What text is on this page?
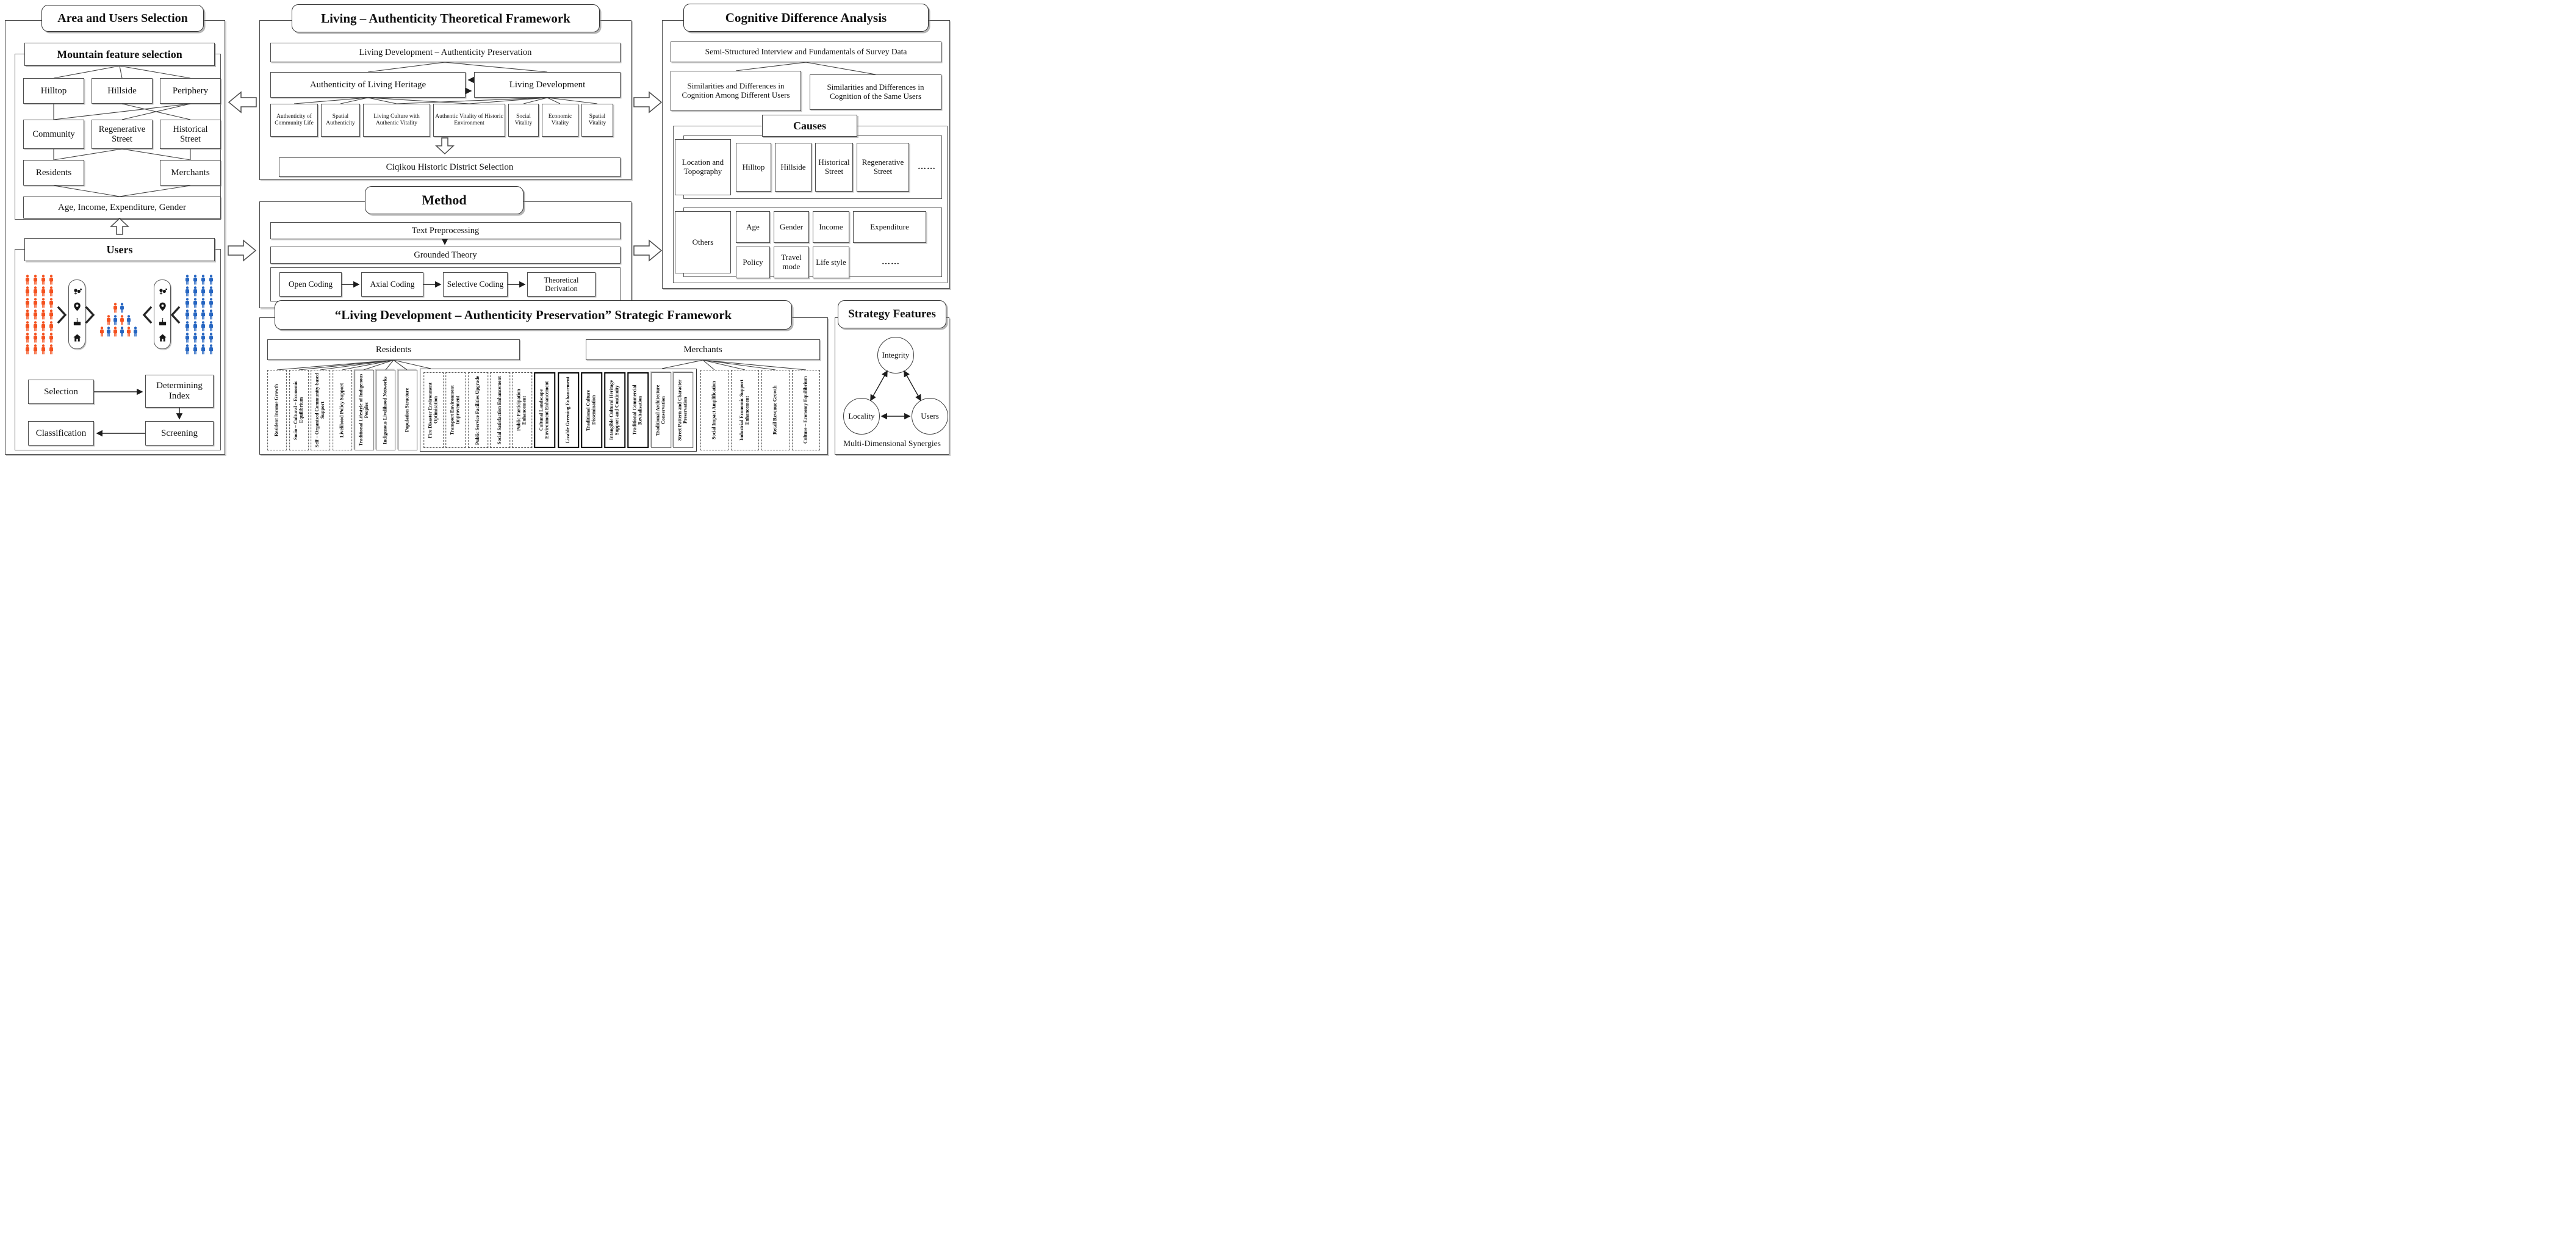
Area and Users Selection
Mountain feature selection
Hilltop	Hillside	Periphery
Community
Regenerative Street
Historical Street
Residents	Merchants
Age, Income, Expenditure, Gender
Users
Selection
Determining Index
Classification	Screening
Living – Authenticity Theoretical Framework
Living Development – Authenticity Preservation
Authenticity of Living Heritage	Living Development
Authenticity of Community Life
Spatial Authenticity
Living Culture with Authentic Vitality
Authentic Vitality of Historic Environment
Social Vitality
Economic Vitality
Spatial Vitality
Ciqikou Historic District Selection
Method
Text Preprocessing
Grounded Theory
Open Coding	Axial Coding	Selective Coding	Theoretical Derivation
Cognitive Difference Analysis
Semi-Structured Interview and Fundamentals of Survey Data
Similarities and Differences in Cognition Among Different Users
Similarities and Differences in Cognition of the Same Users
Causes
Location and Topography	Hilltop	Hillside	Historical Street
Regenerative Street	……
Others
Age	Gender	Income	Expenditure
Policy	Travel mode	Life style	……
“Living Development – Authenticity Preservation” Strategic Framework
Residents	Merchants
Resident Income Growth	Socio – Cultural – Economic Equilibrium	Self – Organised Community-based Support	Livelihood Policy Support	Traditional Lifestyle of Indigenous Peoples	Indigenous Livelihood Networks	Population Structure	Fire Disaster Environment Optimisation	Transport Environment Improvement	Public Service Facilities Upgrade	Social Satisfaction Enhancement	Public Participation Enhancement	Cultural Landscape Environment Enhancement	Livable Greening Enhancement	Traditional Culture Dissemination	Intangible Cultural Heritage Support and Continuity	Traditional Commercial Revitalisation	Traditional Architecture Conservation	Street Pattern and Character Preservation	Social Impact Amplification	Industrial Economic Support Enhancement	Retail Revenue Growth	Culture – Economy Equilibrium
Strategy Features
Integrity
Locality	Users
Multi-Dimensional Synergies
